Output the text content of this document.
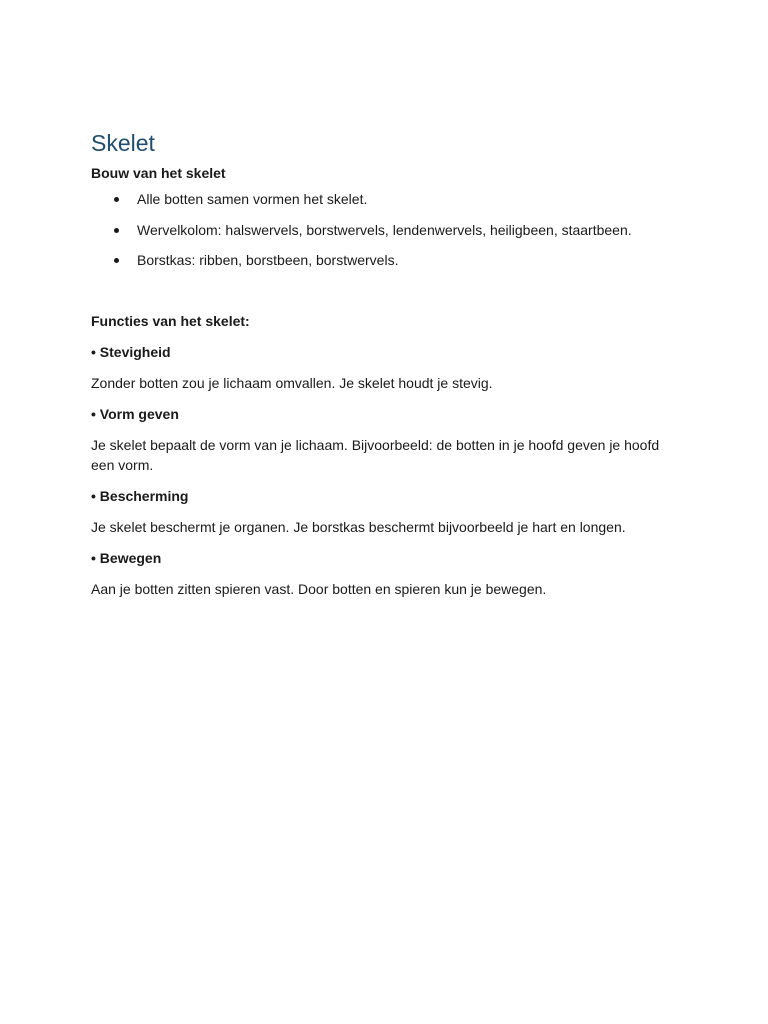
Skelet

Bouw van het skelet

Alle botten samen vormen het skelet.
Wervelkolom: halswervels, borstwervels, lendenwervels, heiligbeen, staartbeen.
Borstkas: ribben, borstbeen, borstwervels.

Functies van het skelet:

• Stevigheid

Zonder botten zou je lichaam omvallen. Je skelet houdt je stevig.

• Vorm geven

Je skelet bepaalt de vorm van je lichaam. Bijvoorbeeld: de botten in je hoofd geven je hoofd een vorm.

• Bescherming

Je skelet beschermt je organen. Je borstkas beschermt bijvoorbeeld je hart en longen.

• Bewegen

Aan je botten zitten spieren vast. Door botten en spieren kun je bewegen.
